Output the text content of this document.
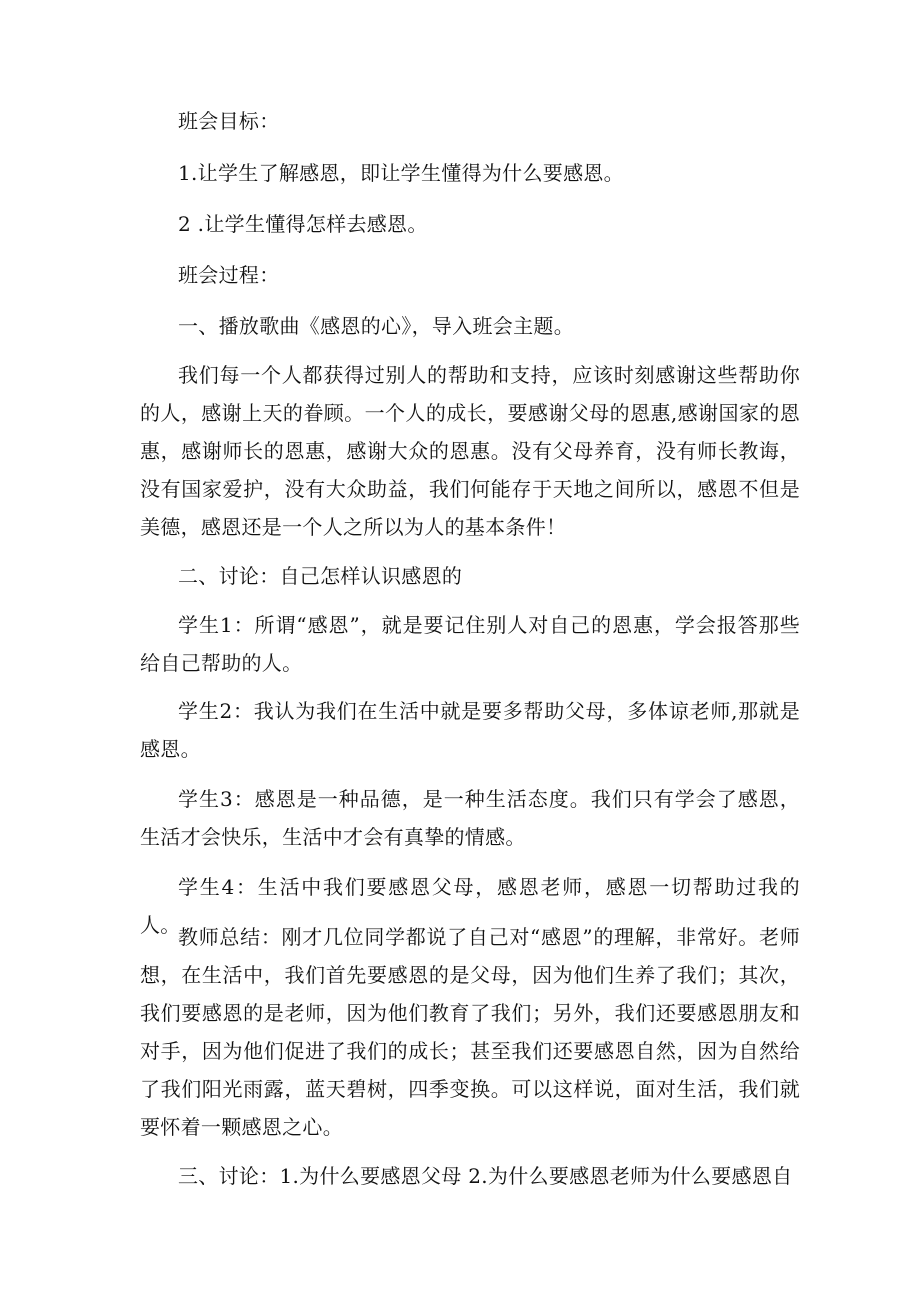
班会目标：

1.让学生了解感恩，即让学生懂得为什么要感恩。

2 .让学生懂得怎样去感恩。

班会过程：

一、播放歌曲《感恩的心》，导入班会主题。

我们每一个人都获得过别人的帮助和支持，应该时刻感谢这些帮助你的人，感谢上天的眷顾。一个人的成长，要感谢父母的恩惠,感谢国家的恩惠，感谢师长的恩惠，感谢大众的恩惠。没有父母养育，没有师长教诲，没有国家爱护，没有大众助益，我们何能存于天地之间所以，感恩不但是美德，感恩还是一个人之所以为人的基本条件！

二、讨论：自己怎样认识感恩的

学生1：所谓“感恩”，就是要记住别人对自己的恩惠，学会报答那些给自己帮助的人。

学生2：我认为我们在生活中就是要多帮助父母，多体谅老师,那就是感恩。

学生3：感恩是一种品德，是一种生活态度。我们只有学会了感恩，生活才会快乐，生活中才会有真挚的情感。

学生4：生活中我们要感恩父母，感恩老师，感恩一切帮助过我的人。

教师总结：刚才几位同学都说了自己对“感恩”的理解，非常好。老师想，在生活中，我们首先要感恩的是父母，因为他们生养了我们；其次，我们要感恩的是老师，因为他们教育了我们；另外，我们还要感恩朋友和对手，因为他们促进了我们的成长；甚至我们还要感恩自然，因为自然给了我们阳光雨露，蓝天碧树，四季变换。可以这样说，面对生活，我们就要怀着一颗感恩之心。

三、讨论：1.为什么要感恩父母 2.为什么要感恩老师为什么要感恩自
